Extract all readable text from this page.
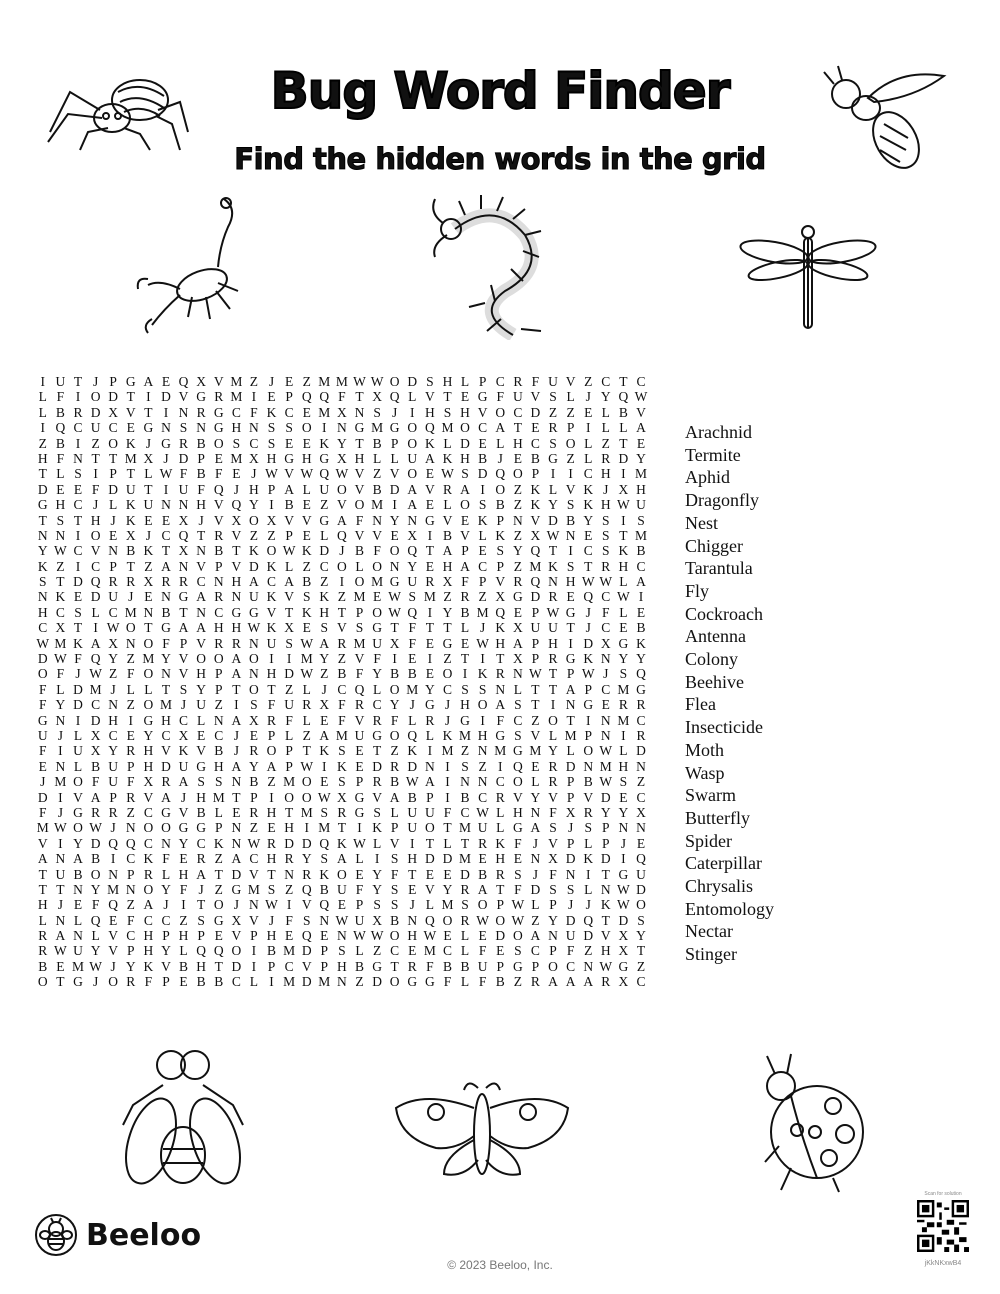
Bug Word Finder
Find the hidden words in the grid
I U T J P G A E Q X V M Z J E Z M M W W O D S H L P C R F U V Z C T C
L F I O D T I D V G R M I E P Q Q F T X Q L V T E G F U V S L J Y Q W
L B R D X V T I N R G C F K C E M X N S J I H S H V O C D Z Z E L B V
I Q C U C E G N S N G H N S S O I N G M G O Q M O C A T E R P I L L A
Z B I Z O K J G R B O S C S E E K Y T B P O K L D E L H C S O L Z T E
H F N T T M X J D P E M X H G H G X H L L U A K H B J E B G Z L R D Y
T L S I P T L W F B F E J W V W Q W V Z V O E W S D Q O P I I C H I M
D E E F D U T I U F Q J H P A L U O V B D A V R A I O Z K L V K J X H
G H C J L K U N N H V Q Y I B E Z V O M I A E L O S B Z K Y S K H W U
T S T H J K E E X J V X O X V V G A F N Y N G V E K P N V D B Y S I S
N N I O E X J C Q T R V Z Z P E L Q V V E X I B V L K Z X W N E S T M
Y W C V N B K T X N B T K O W K D J B F O Q T A P E S Y Q T I C S K B
K Z I C P T Z A N V P V D K L Z C O L O N Y E H A C P Z M K S T R H C
S T D Q R R X R R C N H A C A B Z I O M G U R X F P V R Q N H W W L A
N K E D U J E N G A R N U K V S K Z M E W S M Z R Z X G D R E Q C W I
H C S L C M N B T N C G G V T K H T P O W Q I Y B M Q E P W G J F L E
C X T I W O T G A A H H W K X E S V S G T F T T L J K X U U T J C E B
W M K A X N O F P V R R N U S W A R M U X F E G E W H A P H I D X G K
D W F Q Y Z M Y V O O A O I I M Y Z V F I E I Z T I T X P R G K N Y Y
O F J W Z F O N V H P A N H D W Z B F Y B B E O I K R N W T P W J S Q
F L D M J L L T S Y P T O T Z L J C Q L O M Y C S S N L T T A P C M G
F Y D C N Z O M J U Z I S F U R X F R C Y J G J H O A S T I N G E R R
G N I D H I G H C L N A X R F L E F V R F L R J G I F C Z O T I N M C
U J L X C E Y C X E C J E P L Z A M U G O Q L K M H G S V L M P N I R
F I U X Y R H V K V B J R O P T K S E T Z K I M Z N M G M Y L O W L D
E N L B U P H D U G H A Y A P W I K E D R D N I S Z I Q E R D N M H N
J M O F U F X R A S S N B Z M O E S P R B W A I N N C O L R P B W S Z
D I V A P R V A J H M T P I O O W X G V A B P I B C R V Y V P V D E C
F J G R R Z C G V B L E R H T M S R G S L U U F C W L H N F X R Y Y X
M W O W J N O O G G P N Z E H I M T I K P U O T M U L G A S J S P N N
V I Y D Q Q C N Y C K N W R D D Q K W L V I T L T R K F J V P L P J E
A N A B I C K F E R Z A C H R Y S A L I S H D D M E H E N X D K D I Q
T U B O N P R L H A T D V T N R K O E Y F T E E D B R S J F N I T G U
T T N Y M N O Y F J Z G M S Z Q B U F Y S E V Y R A T F D S S L N W D
H J E F Q Z A J I T O J N W I V Q E P S S J L M S O P W L P J J K W O
L N L Q E F C C Z S G X V J F S N W U X B N Q O R W O W Z Y D Q T D S
R A N L V C H P H P E V P H E Q E N W W O H W E L E D O A N U D V X Y
R W U Y V P H Y L Q Q O I B M D P S L Z C E M C L F E S C P F Z H X T
B E M W J Y K V B H T D I P C V P H B G T R F B B U P G P O C N W G Z
O T G J O R F P E B B C L I M D M N Z D O G G F L F B Z R A A A R X C
Arachnid
Termite
Aphid
Dragonfly
Nest
Chigger
Tarantula
Fly
Cockroach
Antenna
Colony
Beehive
Flea
Insecticide
Moth
Wasp
Swarm
Butterfly
Spider
Caterpillar
Chrysalis
Entomology
Nectar
Stinger
Beeloo
© 2023 Beeloo, Inc.
Scan for solution
jKkNKxwB4
